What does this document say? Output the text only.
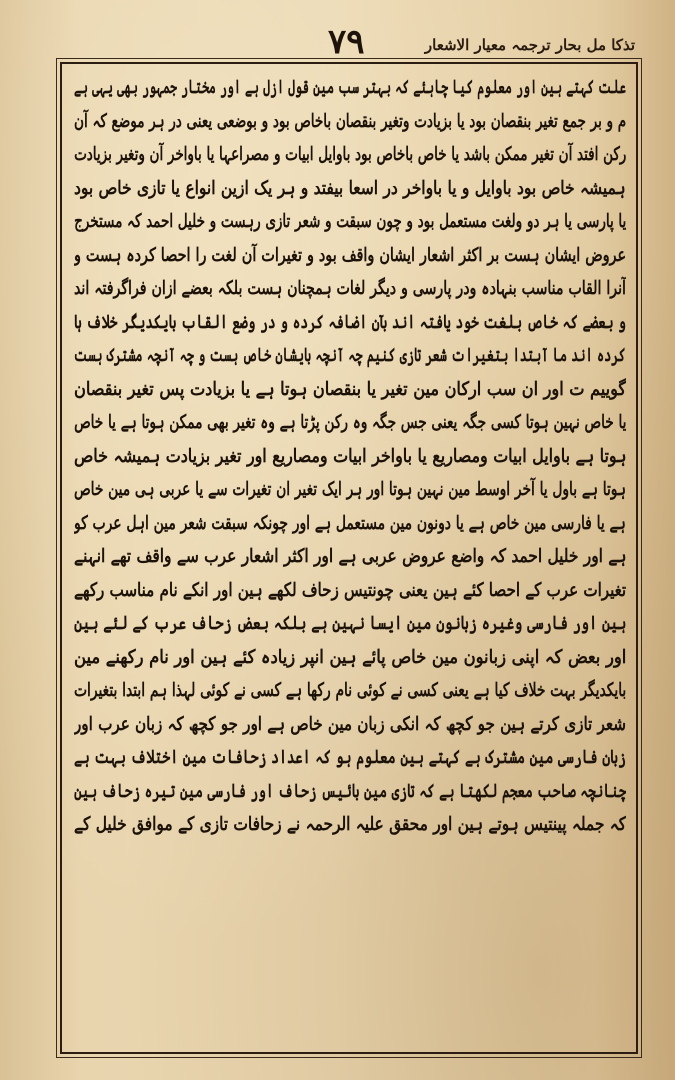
۷۹	تذکا مل بحار ترجمہ معیار الاشعار
علت کہتے ہین اور معلوم کیا چاہئے کہ بہتر سب مین قول ازل ہے اور مختار جمہور بھی یہی ہے
م و بر جمع تغیر بنقصان بود یا بزیادت وتغیر بنقصان باخاص بود و بوضعی یعنی در ہر موضع کہ آن
رکن افتد آن تغیر ممکن باشد یا خاص باخاص بود باوایل ابیات و مصراعہا یا باواخر آن وتغیر بزیادت
ہمیشہ خاص بود باوایل و یا باواخر در اسعا بیفتد و ہر یک ازین انواع یا تازی خاص بود
یا پارسی یا ہر دو ولغت مستعمل بود و چون سبقت و شعر تازی رہست و خلیل احمد کہ مستخرج
عروض ایشان ہست بر اکثر اشعار ایشان واقف بود و تغیرات آن لغت را احصا کردہ ہست و
آنرا القاب مناسب بنہادہ ودر پارسی و دیگر لغات ہمچنان ہست بلکہ بعضے ازان فراگرفتہ اند
و بعضے کہ خاص بلغت خود یافتہ اند بآن اضافہ کردہ و در وضع القاب بایکدیگر خلاف ہا
کردہ اند ما آبتدا بتغیرات شعر تازی کنیم چہ آنچہ بایشان خاص ہست و چہ آنچہ مشترک ہست
گوییم ت اور ان سب ارکان مین تغیر یا بنقصان ہوتا ہے یا بزیادت پس تغیر بنقصان
یا خاص نہین ہوتا کسی جگہ یعنی جس جگہ وہ رکن پڑتا ہے وہ تغیر بھی ممکن ہوتا ہے یا خاص
ہوتا ہے باوایل ابیات ومصاریع یا باواخر ابیات ومصاریع اور تغیر بزیادت ہمیشہ خاص
ہوتا ہے باول یا آخر اوسط مین نہین ہوتا اور ہر ایک تغیر ان تغیرات سے یا عربی ہی مین خاص
ہے یا فارسی مین خاص ہے یا دونون مین مستعمل ہے اور چونکہ سبقت شعر مین اہل عرب کو
ہے اور خلیل احمد کہ واضع عروض عربی ہے اور اکثر اشعار عرب سے واقف تھے انہنے
تغیرات عرب کے احصا کئے ہین یعنی چونتیس زحاف لکھے ہین اور انکے نام مناسب رکھے
ہین اور فارسی وغیرہ زبانون مین ایسا نہین ہے بلکہ بعض زحاف عرب کے لئے ہین
اور بعض کہ اپنی زبانون مین خاص پائے ہین انپر زیادہ کئے ہین اور نام رکھنے مین
بایکدیگر بہت خلاف کیا ہے یعنی کسی نے کوئی نام رکھا ہے کسی نے کوئی لہذا ہم ابتدا بتغیرات
شعر تازی کرتے ہین جو کچھ کہ انکی زبان مین خاص ہے اور جو کچھ کہ زبان عرب اور
زبان فارسی مین مشترک ہے کہتے ہین معلوم ہو کہ اعداد زحافات مین اختلاف بہت ہے
چنانچہ صاحب معجم لکھتا ہے کہ تازی مین بائیس زحاف اور فارسی مین تیرہ زحاف ہین
کہ جملہ پینتیس ہوتے ہین اور محقق علیہ الرحمہ نے زحافات تازی کے موافق خلیل کے
